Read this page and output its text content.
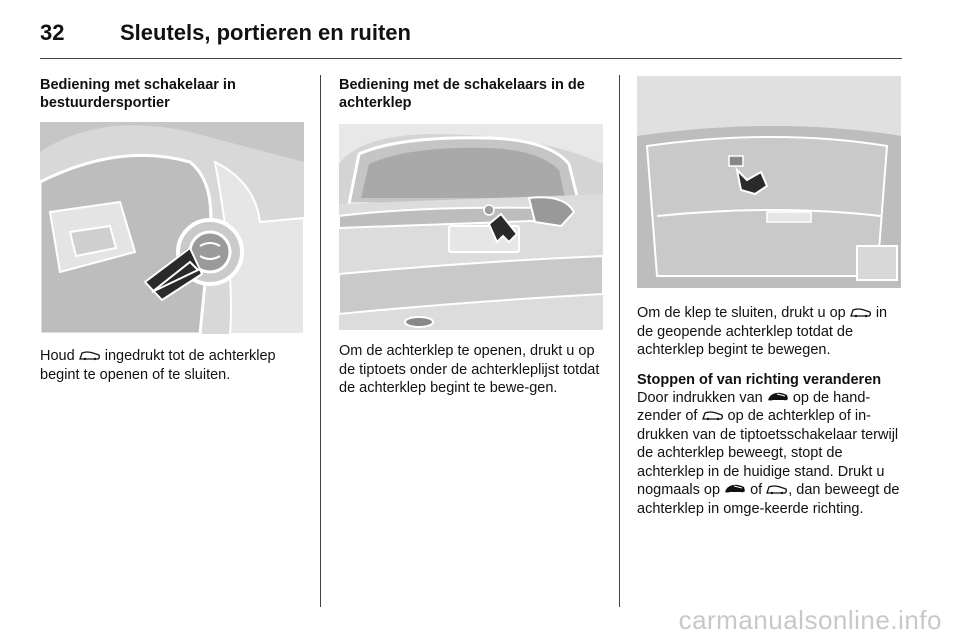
32	Sleutels, portieren en ruiten
Bediening met schakelaar in bestuurdersportier

Houd ingedrukt tot de achterklep begint te openen of te sluiten.

Bediening met de schakelaars in de achterklep

Om de achterklep te openen, drukt u op de tiptoets onder de achterkleplijst totdat de achterklep begint te bewe-gen.

Om de klep te sluiten, drukt u op in de geopende achterklep totdat de achterklep begint te bewegen.

Stoppen of van richting veranderen

Door indrukken van op de hand-zender of op de achterklep of in-drukken van de tiptoetsschakelaar terwijl de achterklep beweegt, stopt de achterklep in de huidige stand. Drukt u nogmaals op of , dan beweegt de achterklep in omge-keerde richting.

carmanualsonline.info
